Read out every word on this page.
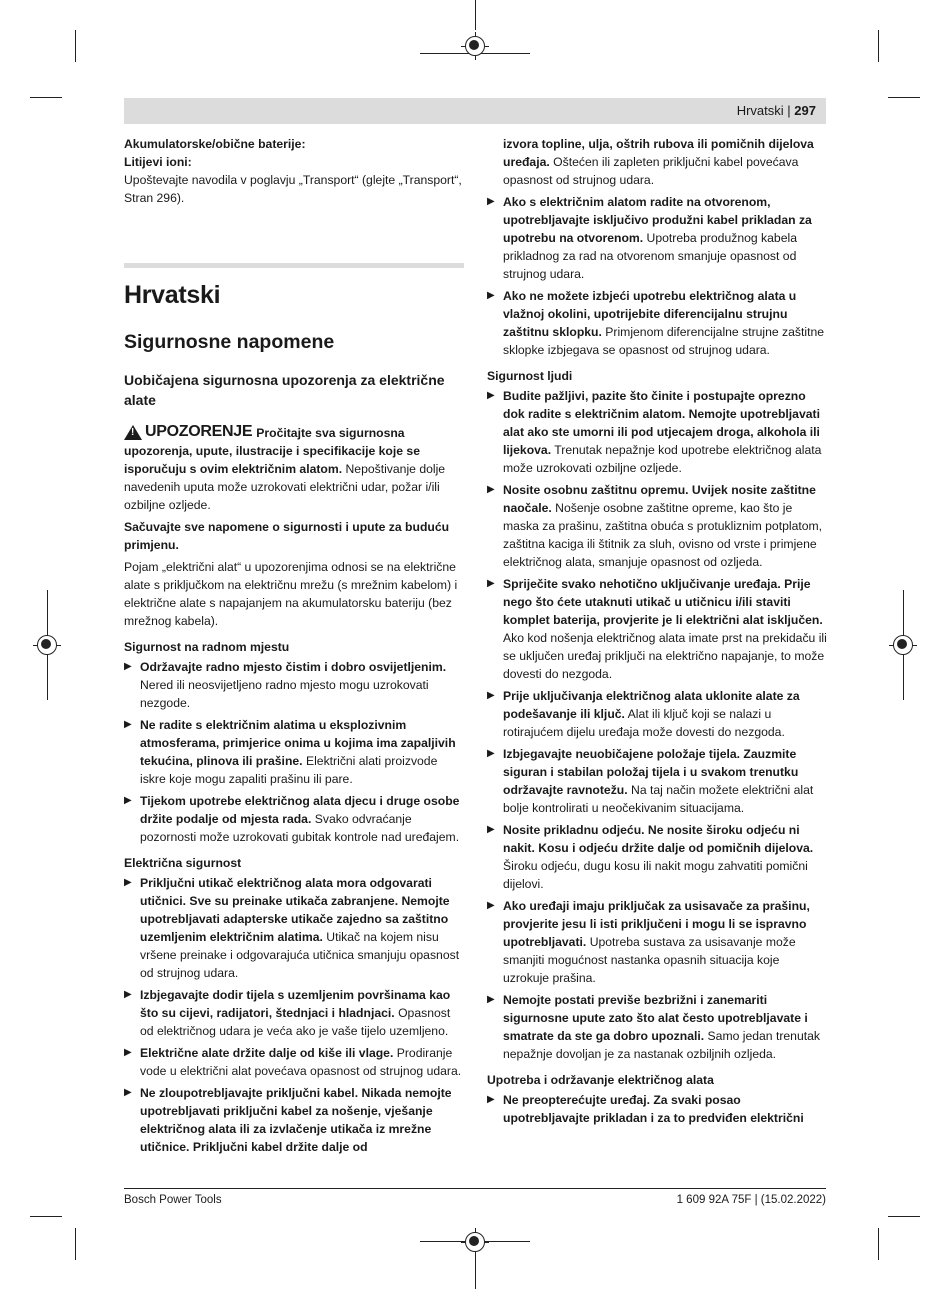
Hrvatski | 297

Akumulatorske/obične baterije:

Litijevi ioni:

Upoštevajte navodila v poglavju „Transport“ (glejte „Transport“, Stran 296).

Hrvatski
Sigurnosne napomene
Uobičajena sigurnosna upozorenja za električne alate
! UPOZORENJE Pročitajte sva sigurnosna upozorenja, upute, ilustracije i specifikacije koje se isporučuju s ovim električnim alatom. Nepoštivanje dolje navedenih uputa može uzrokovati električni udar, požar i/ili ozbiljne ozljede.

Sačuvajte sve napomene o sigurnosti i upute za buduću primjenu.

Pojam „električni alat“ u upozorenjima odnosi se na električne alate s priključkom na električnu mrežu (s mrežnim kabelom) i električne alate s napajanjem na akumulatorsku bateriju (bez mrežnog kabela).

Sigurnost na radnom mjestu

▶ Održavajte radno mjesto čistim i dobro osvijetljenim. Nered ili neosvijetljeno radno mjesto mogu uzrokovati nezgode.
▶ Ne radite s električnim alatima u eksplozivnim atmosferama, primjerice onima u kojima ima zapaljivih tekućina, plinova ili prašine. Električni alati proizvode iskre koje mogu zapaliti prašinu ili pare.
▶ Tijekom upotrebe električnog alata djecu i druge osobe držite podalje od mjesta rada. Svako odvraćanje pozornosti može uzrokovati gubitak kontrole nad uređajem.

Električna sigurnost

▶ Priključni utikač električnog alata mora odgovarati utičnici. Sve su preinake utikača zabranjene. Nemojte upotrebljavati adapterske utikače zajedno sa zaštitno uzemljenim električnim alatima. Utikač na kojem nisu vršene preinake i odgovarajuća utičnica smanjuju opasnost od strujnog udara.
▶ Izbjegavajte dodir tijela s uzemljenim površinama kao što su cijevi, radijatori, štednjaci i hladnjaci. Opasnost od električnog udara je veća ako je vaše tijelo uzemljeno.
▶ Električne alate držite dalje od kiše ili vlage. Prodiranje vode u električni alat povećava opasnost od strujnog udara.
▶ Ne zloupotrebljavajte priključni kabel. Nikada nemojte upotrebljavati priključni kabel za nošenje, vješanje električnog alata ili za izvlačenje utikača iz mrežne utičnice. Priključni kabel držite dalje od

izvora topline, ulja, oštrih rubova ili pomičnih dijelova uređaja. Oštećen ili zapleten priključni kabel povećava opasnost od strujnog udara.

▶ Ako s električnim alatom radite na otvorenom, upotrebljavajte isključivo produžni kabel prikladan za upotrebu na otvorenom. Upotreba produžnog kabela prikladnog za rad na otvorenom smanjuje opasnost od strujnog udara.
▶ Ako ne možete izbjeći upotrebu električnog alata u vlažnoj okolini, upotrijebite diferencijalnu strujnu zaštitnu sklopku. Primjenom diferencijalne strujne zaštitne sklopke izbjegava se opasnost od strujnog udara.

Sigurnost ljudi

▶ Budite pažljivi, pazite što činite i postupajte oprezno dok radite s električnim alatom. Nemojte upotrebljavati alat ako ste umorni ili pod utjecajem droga, alkohola ili lijekova. Trenutak nepažnje kod upotrebe električnog alata može uzrokovati ozbiljne ozljede.
▶ Nosite osobnu zaštitnu opremu. Uvijek nosite zaštitne naočale. Nošenje osobne zaštitne opreme, kao što je maska za prašinu, zaštitna obuća s protukliznim potplatom, zaštitna kaciga ili štitnik za sluh, ovisno od vrste i primjene električnog alata, smanjuje opasnost od ozljeda.
▶ Spriječite svako nehotično uključivanje uređaja. Prije nego što ćete utaknuti utikač u utičnicu i/ili staviti komplet baterija, provjerite je li električni alat isključen. Ako kod nošenja električnog alata imate prst na prekidaču ili se uključen uređaj priključi na električno napajanje, to može dovesti do nezgoda.
▶ Prije uključivanja električnog alata uklonite alate za podešavanje ili ključ. Alat ili ključ koji se nalazi u rotirajućem dijelu uređaja može dovesti do nezgoda.
▶ Izbjegavajte neuobičajene položaje tijela. Zauzmite siguran i stabilan položaj tijela i u svakom trenutku održavajte ravnotežu. Na taj način možete električni alat bolje kontrolirati u neočekivanim situacijama.
▶ Nosite prikladnu odjeću. Ne nosite široku odjeću ni nakit. Kosu i odjeću držite dalje od pomičnih dijelova. Široku odjeću, dugu kosu ili nakit mogu zahvatiti pomični dijelovi.
▶ Ako uređaji imaju priključak za usisavače za prašinu, provjerite jesu li isti priključeni i mogu li se ispravno upotrebljavati. Upotreba sustava za usisavanje može smanjiti mogućnost nastanka opasnih situacija koje uzrokuje prašina.
▶ Nemojte postati previše bezbrižni i zanemariti sigurnosne upute zato što alat često upotrebljavate i smatrate da ste ga dobro upoznali. Samo jedan trenutak nepažnje dovoljan je za nastanak ozbiljnih ozljeda.

Upotreba i održavanje električnog alata

▶ Ne preopterećujte uređaj. Za svaki posao upotrebljavajte prikladan i za to predviđen električni
Bosch Power Tools	1 609 92A 75F | (15.02.2022)
